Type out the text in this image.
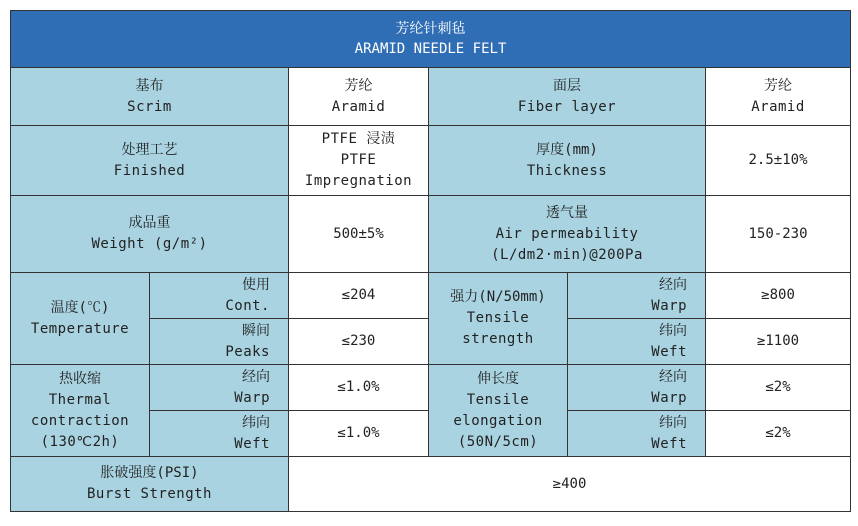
芳纶针刺毡
ARAMID NEEDLE FELT					

基布
Scrim		芳纶
Aramid	面层
Fiber layer		芳纶
Aramid

处理工艺
Finished		PTFE 浸渍
PTFE
Impregnation	厚度(mm)
Thickness		2.5±10%

成品重
Weight (g/m²)		500±5%	透气量
Air permeability
(L/dm2·min)@200Pa		150-230

温度(℃)
Temperature	使用
Cont.	≤204	强力(N/50mm)
Tensile
strength	经向
Warp	≥800

	瞬间
Peaks	≤230		纬向
Weft	≥1100

热收缩
Thermal
contraction
(130℃2h)	经向
Warp	≤1.0%	伸长度
Tensile
elongation
(50N/5cm)	经向
Warp	≤2%

	纬向
Weft	≤1.0%		纬向
Weft	≤2%

胀破强度(PSI)
Burst Strength		≥400			
